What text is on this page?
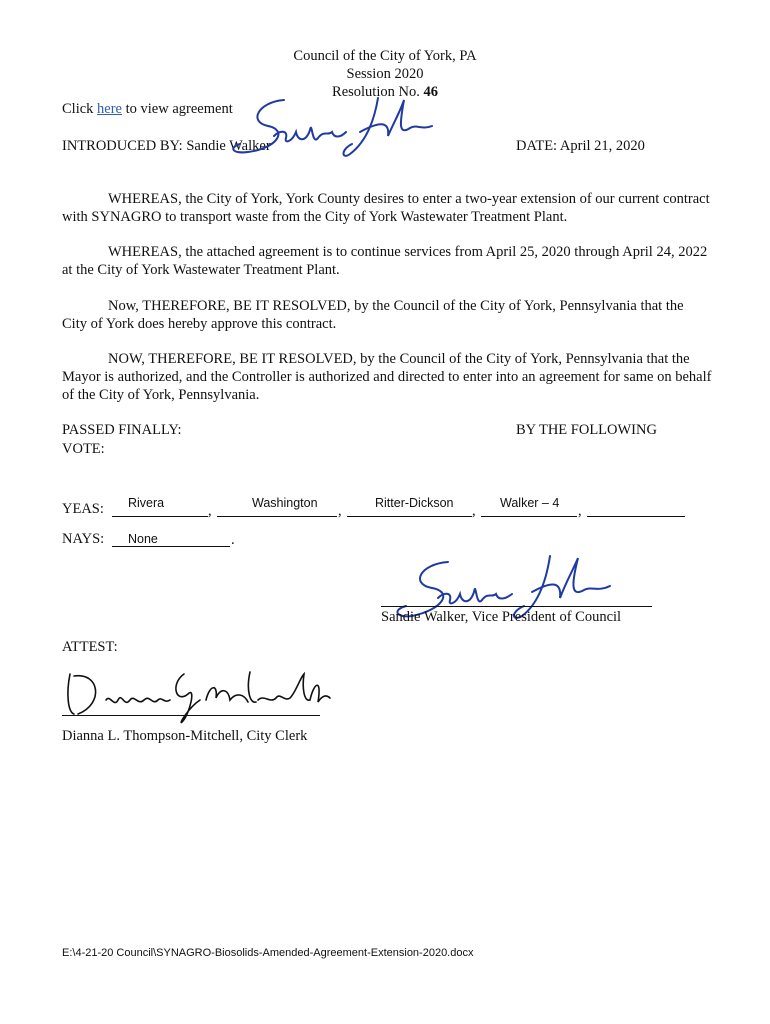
Council of the City of York, PA
Session 2020
Resolution No. 46
Click here to view agreement
INTRODUCED BY: Sandie Walker	DATE: April 21, 2020
WHEREAS, the City of York, York County desires to enter a two-year extension of our current contract with SYNAGRO to transport waste from the City of York Wastewater Treatment Plant.
WHEREAS, the attached agreement is to continue services from April 25, 2020 through April 24, 2022 at the City of York Wastewater Treatment Plant.
Now, THEREFORE, BE IT RESOLVED, by the Council of the City of York, Pennsylvania that the City of York does hereby approve this contract.
NOW, THEREFORE, BE IT RESOLVED, by the Council of the City of York, Pennsylvania that the Mayor is authorized, and the Controller is authorized and directed to enter into an agreement for same on behalf of the City of York, Pennsylvania.
PASSED FINALLY:
VOTE:
BY THE FOLLOWING
YEAS: Rivera	,	Washington ,	Ritter-Dickson , Walker – 4 ,
NAYS: None	.
Sandie Walker, Vice President of Council
ATTEST:
Dianna L. Thompson-Mitchell, City Clerk
E:\4-21-20 Council\SYNAGRO-Biosolids-Amended-Agreement-Extension-2020.docx
